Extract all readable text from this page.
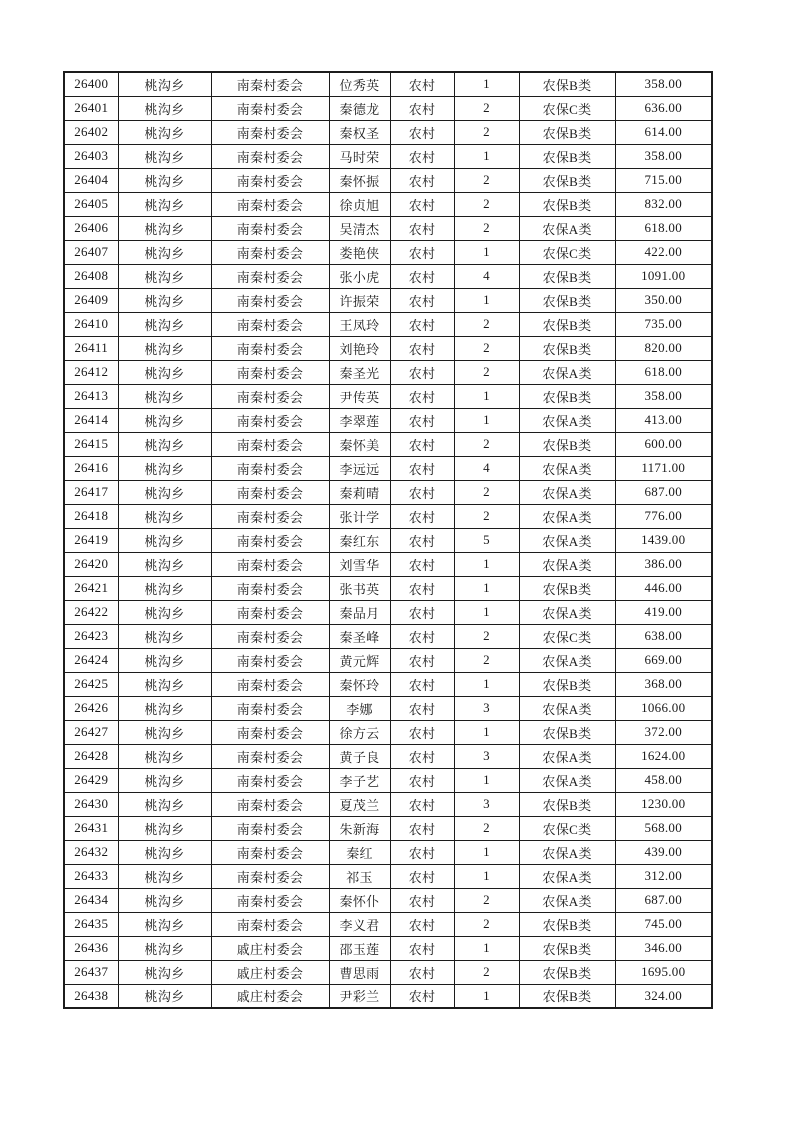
26400	桃沟乡	南秦村委会	位秀英	农村	1	农保B类	358.00
26401	桃沟乡	南秦村委会	秦德龙	农村	2	农保C类	636.00
26402	桃沟乡	南秦村委会	秦权圣	农村	2	农保B类	614.00
26403	桃沟乡	南秦村委会	马时荣	农村	1	农保B类	358.00
26404	桃沟乡	南秦村委会	秦怀振	农村	2	农保B类	715.00
26405	桃沟乡	南秦村委会	徐贞旭	农村	2	农保B类	832.00
26406	桃沟乡	南秦村委会	吴清杰	农村	2	农保A类	618.00
26407	桃沟乡	南秦村委会	娄艳侠	农村	1	农保C类	422.00
26408	桃沟乡	南秦村委会	张小虎	农村	4	农保B类	1091.00
26409	桃沟乡	南秦村委会	许振荣	农村	1	农保B类	350.00
26410	桃沟乡	南秦村委会	王凤玲	农村	2	农保B类	735.00
26411	桃沟乡	南秦村委会	刘艳玲	农村	2	农保B类	820.00
26412	桃沟乡	南秦村委会	秦圣光	农村	2	农保A类	618.00
26413	桃沟乡	南秦村委会	尹传英	农村	1	农保B类	358.00
26414	桃沟乡	南秦村委会	李翠莲	农村	1	农保A类	413.00
26415	桃沟乡	南秦村委会	秦怀美	农村	2	农保B类	600.00
26416	桃沟乡	南秦村委会	李远远	农村	4	农保A类	1171.00
26417	桃沟乡	南秦村委会	秦莉晴	农村	2	农保A类	687.00
26418	桃沟乡	南秦村委会	张计学	农村	2	农保A类	776.00
26419	桃沟乡	南秦村委会	秦红东	农村	5	农保A类	1439.00
26420	桃沟乡	南秦村委会	刘雪华	农村	1	农保A类	386.00
26421	桃沟乡	南秦村委会	张书英	农村	1	农保B类	446.00
26422	桃沟乡	南秦村委会	秦品月	农村	1	农保A类	419.00
26423	桃沟乡	南秦村委会	秦圣峰	农村	2	农保C类	638.00
26424	桃沟乡	南秦村委会	黄元辉	农村	2	农保A类	669.00
26425	桃沟乡	南秦村委会	秦怀玲	农村	1	农保B类	368.00
26426	桃沟乡	南秦村委会	李娜	农村	3	农保A类	1066.00
26427	桃沟乡	南秦村委会	徐方云	农村	1	农保B类	372.00
26428	桃沟乡	南秦村委会	黄子良	农村	3	农保A类	1624.00
26429	桃沟乡	南秦村委会	李子艺	农村	1	农保A类	458.00
26430	桃沟乡	南秦村委会	夏茂兰	农村	3	农保B类	1230.00
26431	桃沟乡	南秦村委会	朱新海	农村	2	农保C类	568.00
26432	桃沟乡	南秦村委会	秦红	农村	1	农保A类	439.00
26433	桃沟乡	南秦村委会	祁玉	农村	1	农保A类	312.00
26434	桃沟乡	南秦村委会	秦怀仆	农村	2	农保A类	687.00
26435	桃沟乡	南秦村委会	李义君	农村	2	农保B类	745.00
26436	桃沟乡	戚庄村委会	邵玉莲	农村	1	农保B类	346.00
26437	桃沟乡	戚庄村委会	曹思雨	农村	2	农保B类	1695.00
26438	桃沟乡	戚庄村委会	尹彩兰	农村	1	农保B类	324.00
